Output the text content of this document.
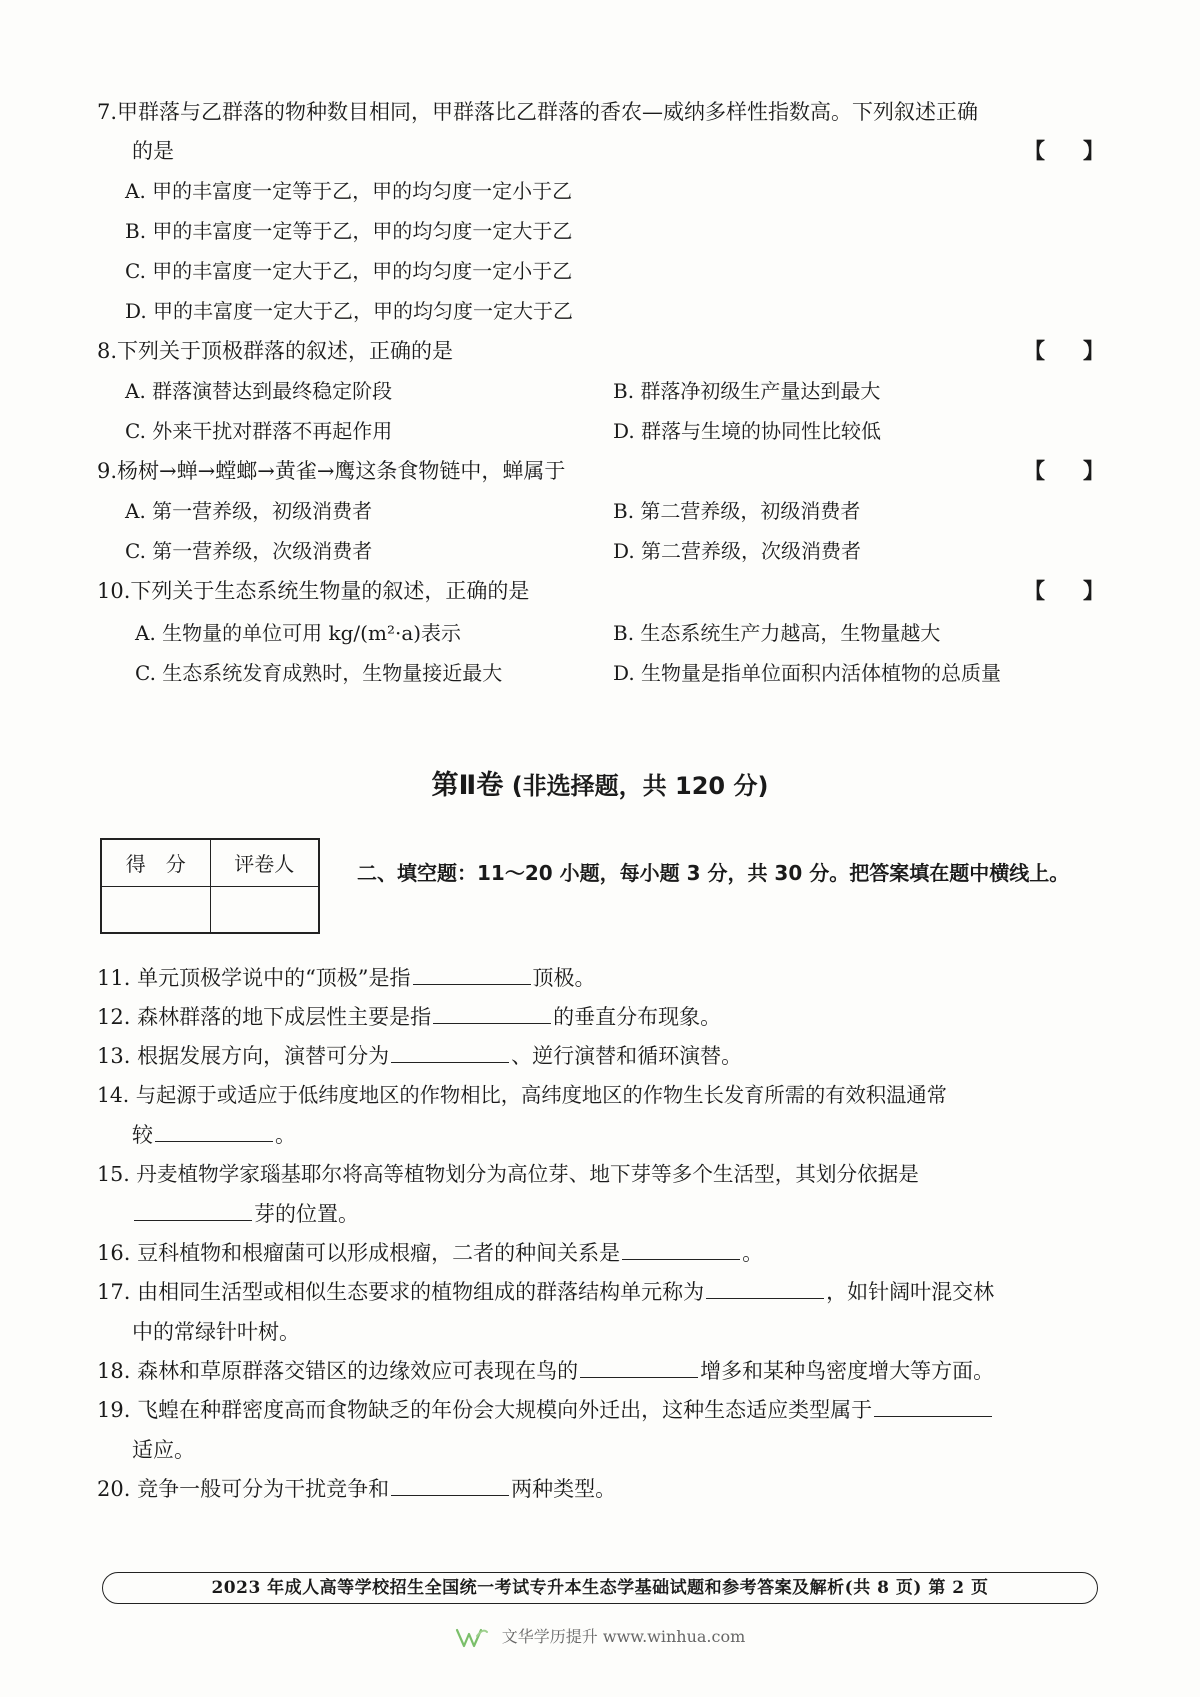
7.甲群落与乙群落的物种数目相同，甲群落比乙群落的香农—威纳多样性指数高。下列叙述正确
的是	【 】
A. 甲的丰富度一定等于乙，甲的均匀度一定小于乙
B. 甲的丰富度一定等于乙，甲的均匀度一定大于乙
C. 甲的丰富度一定大于乙，甲的均匀度一定小于乙
D. 甲的丰富度一定大于乙，甲的均匀度一定大于乙
8.下列关于顶极群落的叙述，正确的是	【 】
A. 群落演替达到最终稳定阶段	B. 群落净初级生产量达到最大
C. 外来干扰对群落不再起作用	D. 群落与生境的协同性比较低
9.杨树→蝉→螳螂→黄雀→鹰这条食物链中，蝉属于	【 】
A. 第一营养级，初级消费者	B. 第二营养级，初级消费者
C. 第一营养级，次级消费者	D. 第二营养级，次级消费者
10.下列关于生态系统生物量的叙述，正确的是	【 】
A. 生物量的单位可用 kg/(m²·a)表示	B. 生态系统生产力越高，生物量越大
C. 生态系统发育成熟时，生物量接近最大	D. 生物量是指单位面积内活体植物的总质量
第Ⅱ卷 (非选择题，共 120 分)
得　分	评卷人
		二、填空题：11～20 小题，每小题 3 分，共 30 分。把答案填在题中横线上。
11. 单元顶极学说中的“顶极”是指	顶极。
12. 森林群落的地下成层性主要是指	的垂直分布现象。
13. 根据发展方向，演替可分为	、逆行演替和循环演替。
14. 与起源于或适应于低纬度地区的作物相比，高纬度地区的作物生长发育所需的有效积温通常
较	。
15. 丹麦植物学家瑙基耶尔将高等植物划分为高位芽、地下芽等多个生活型，其划分依据是
芽的位置。
16. 豆科植物和根瘤菌可以形成根瘤，二者的种间关系是	。
17. 由相同生活型或相似生态要求的植物组成的群落结构单元称为	，如针阔叶混交林
中的常绿针叶树。
18. 森林和草原群落交错区的边缘效应可表现在鸟的	增多和某种鸟密度增大等方面。
19. 飞蝗在种群密度高而食物缺乏的年份会大规模向外迁出，这种生态适应类型属于
适应。
20. 竞争一般可分为干扰竞争和	两种类型。
2023 年成人高等学校招生全国统一考试专升本生态学基础试题和参考答案及解析(共 8 页) 第 2 页
文华学历提升 www.winhua.com
